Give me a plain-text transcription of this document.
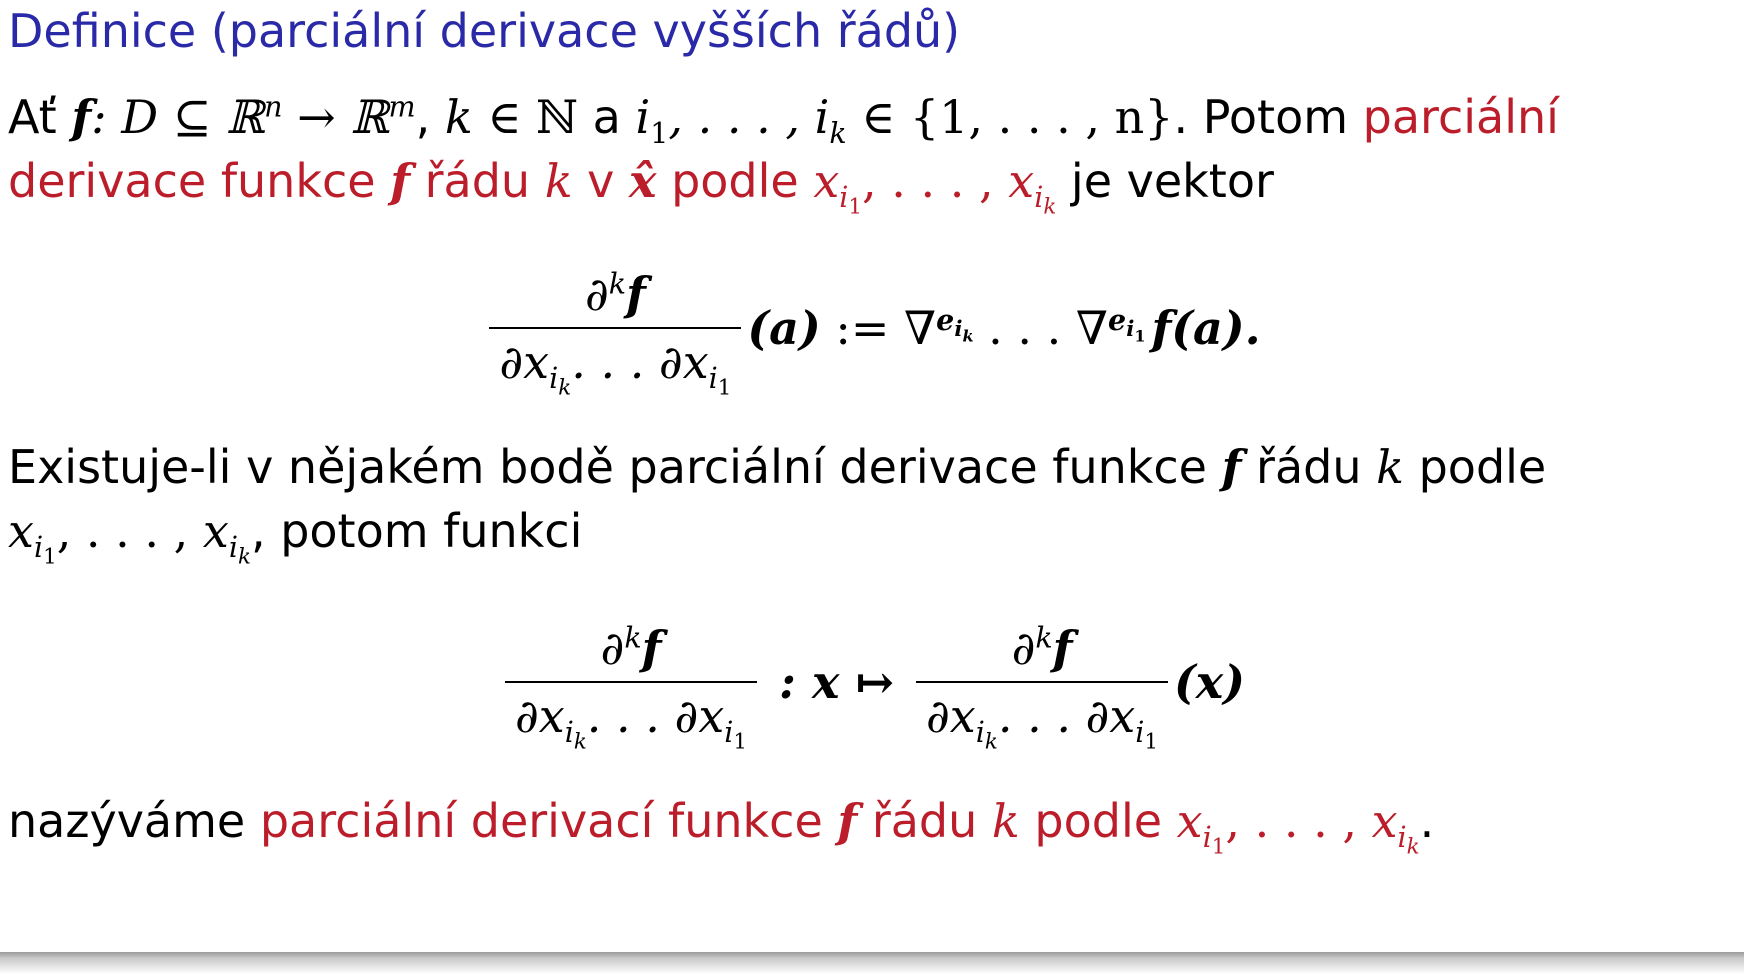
Definice (parciální derivace vyšších řádů)
Ať f: D ⊆ ℝ$^n$ → ℝ$^m$, k ∈ ℕ a $i_1$, . . . , $i_k$ ∈ {1, . . . , n}. Potom parciální
derivace funkce f řádu k v x̂ podle $x_{i_1}$, . . . , $x_{i_k}$ je vektor
$\frac{\partial^kf}{\partial x_{i_k}. . . \partial x_{i_1}} (a)$ := ∇ $e_{i_k}$ . . . ∇ $e_{i_1}$ f(a).
Existuje-li v nějakém bodě parciální derivace funkce f řádu k podle
$x_{i_1}$, . . . , $x_{i_k}$, potom funkci
$\frac{\partial^kf}{\partial x_{i_k}. . . \partial x_{i_1}}$ : x ↦ $\frac{\partial^kf}{\partial x_{i_k}. . . \partial x_{i_1}} (x)$
nazýváme parciální derivací funkce f řádu k podle $x_{i_1}$, . . . , $x_{i_k}$.
